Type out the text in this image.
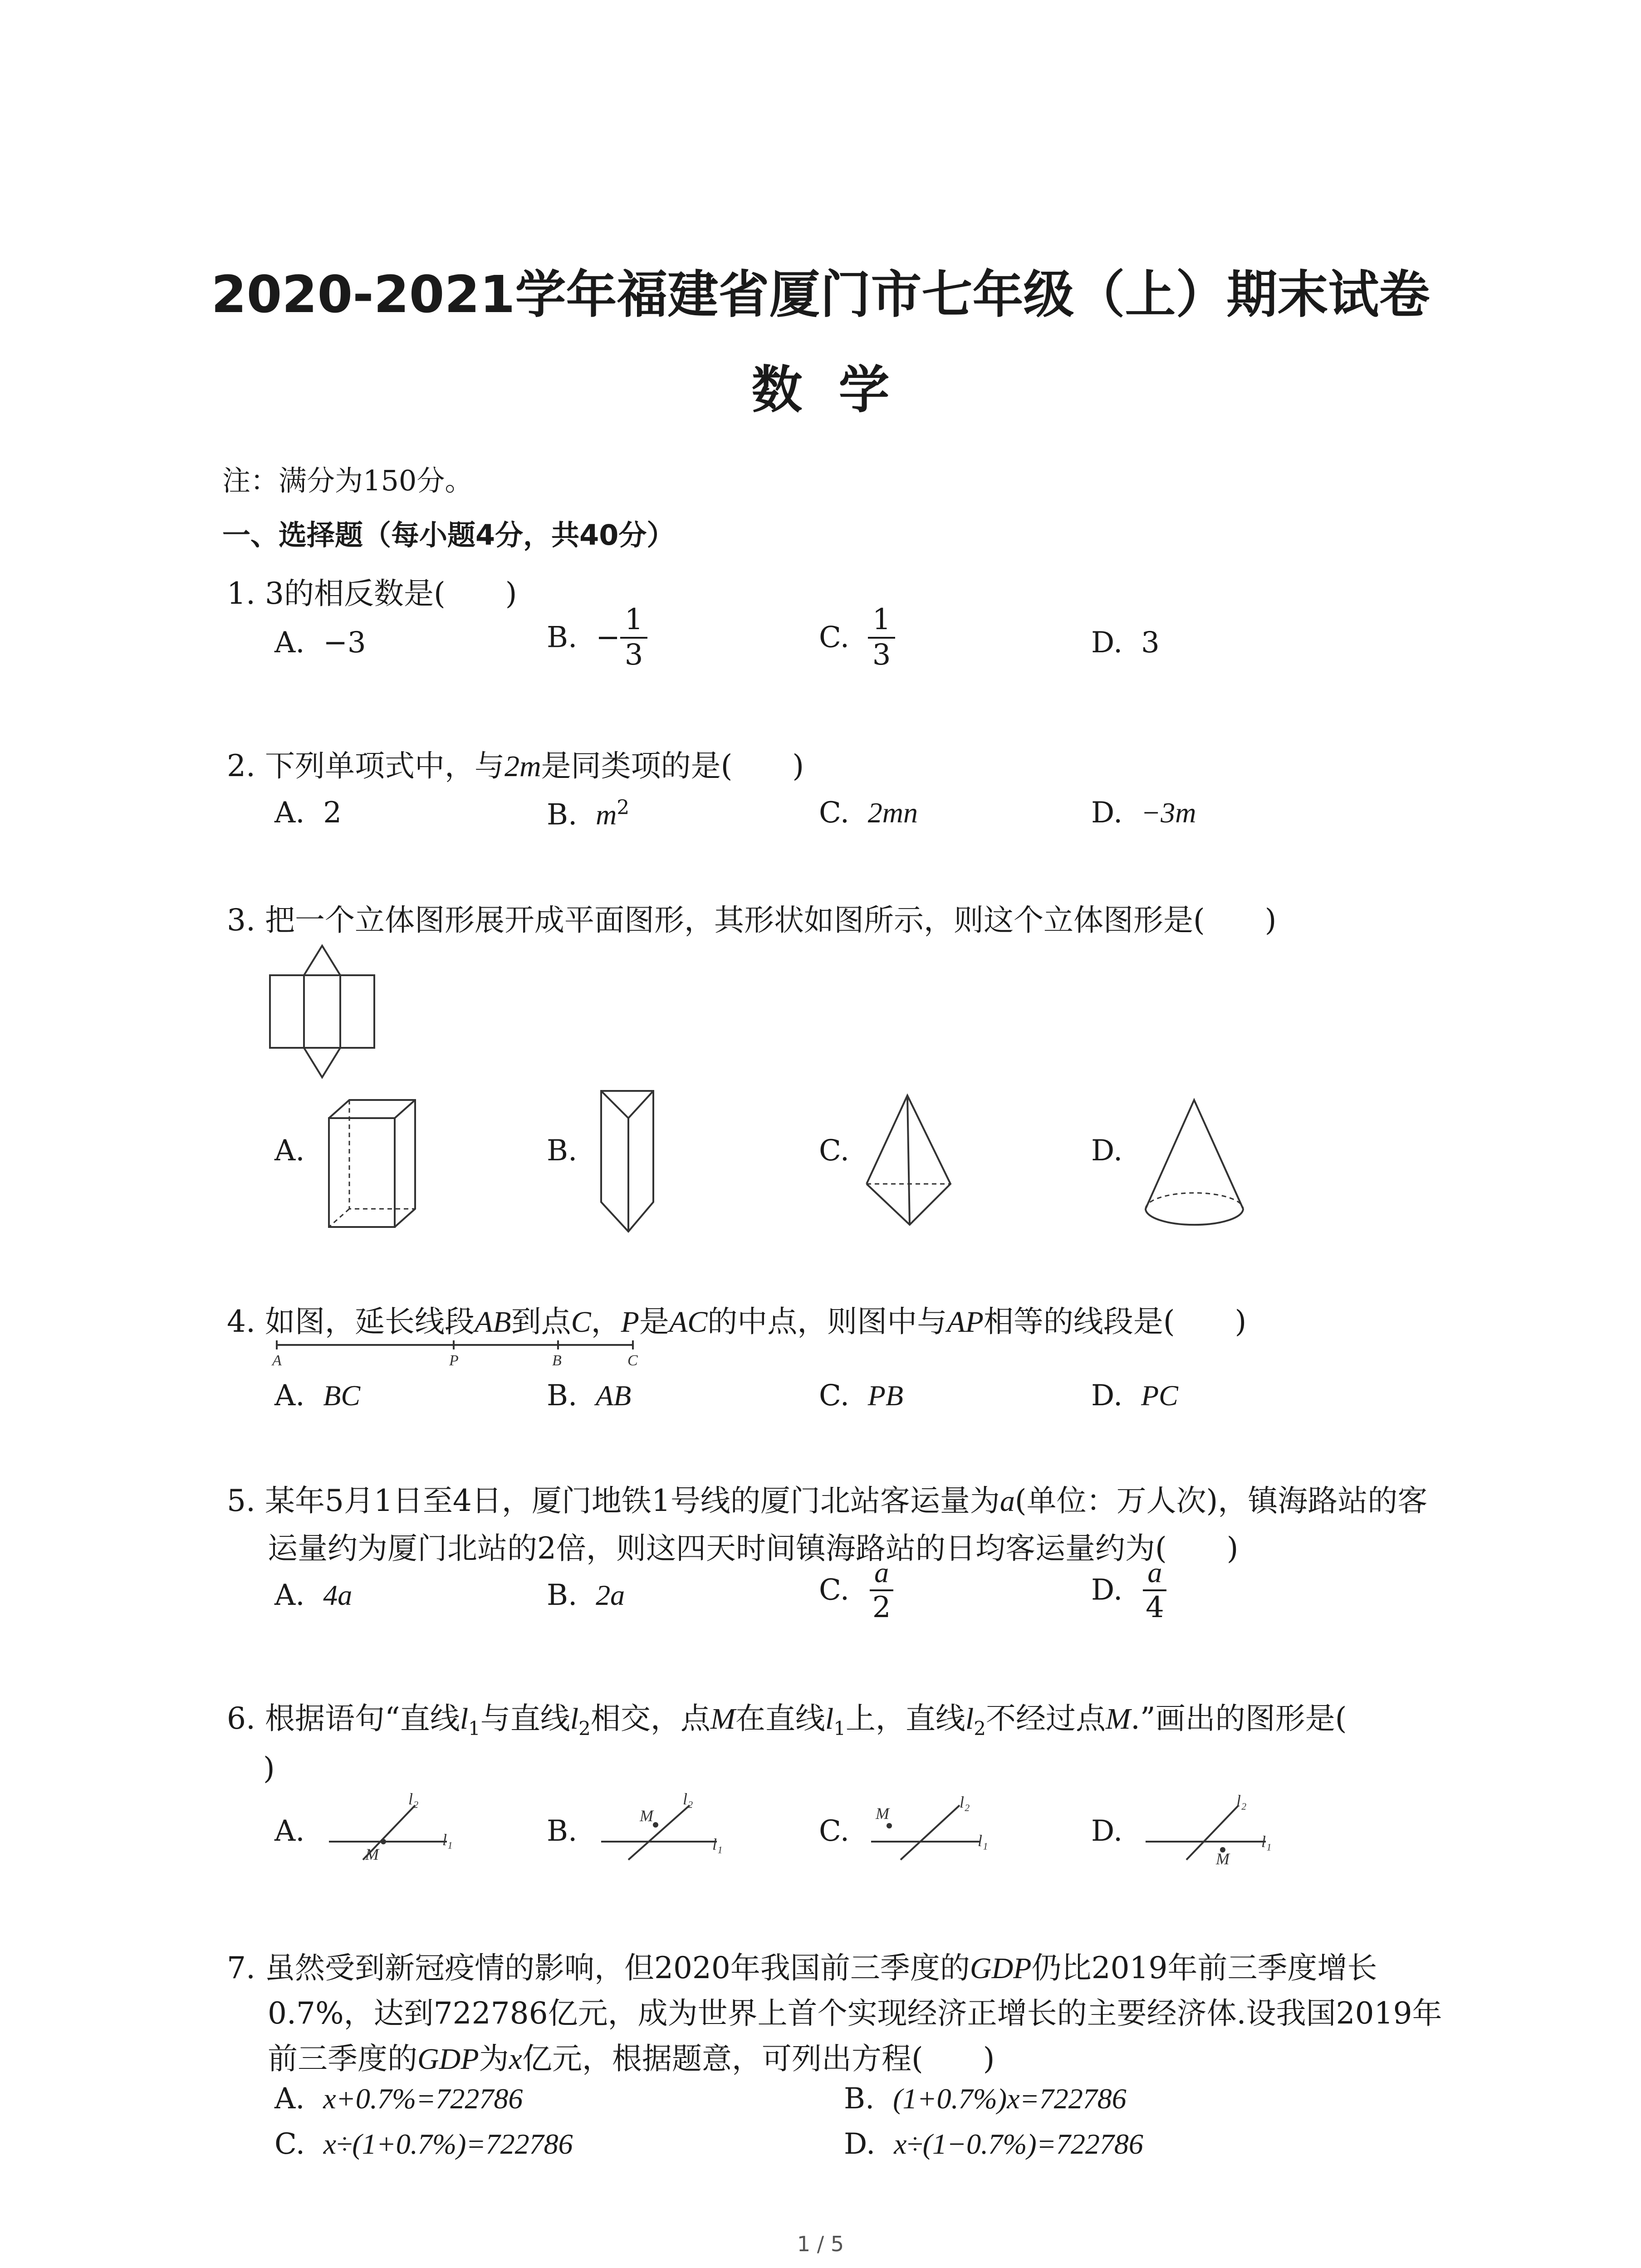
2020-2021学年福建省厦门市七年级（上）期末试卷
数学
注：满分为150分。
一、选择题（每小题4分，共40分）
1. 3的相反数是(　　)
A. −3	B. − $\frac{1}{3}$	C. $\frac{1}{3}$	D. 3
2. 下列单项式中，与2m是同类项的是(　　)
A. 2	B. $m^2$	C. 2mn	D. −3m
3. 把一个立体图形展开成平面图形，其形状如图所示，则这个立体图形是(　　)
A.	B.	C.	D.
4. 如图，延长线段AB到点C，P是AC的中点，则图中与AP相等的线段是(　　)
A	P	B	C
A. BC	B. AB	C. PB	D. PC
5. 某年5月1日至4日，厦门地铁1号线的厦门北站客运量为a(单位：万人次)，镇海路站的客
运量约为厦门北站的2倍，则这四天时间镇海路站的日均客运量约为(　　)
A. 4a	B. 2a	C. $\frac{a}{2}$	D. $\frac{a}{4}$
6. 根据语句“直线$l_1$与直线$l_2$相交，点M在直线$l_1$上，直线$l_2$不经过点M.”画出的图形是(
)
A.
l₂
l₁
M
B.
l₂
l₁
M	C.
l₂
l₁
M
D.
l₂
l₁
M
7. 虽然受到新冠疫情的影响，但2020年我国前三季度的GDP仍比2019年前三季度增长
0.7%，达到722786亿元，成为世界上首个实现经济正增长的主要经济体.设我国2019年
前三季度的GDP为x亿元，根据题意，可列出方程(　　)
A. x+0.7%=722786	B. (1+0.7%)x=722786
C. x÷(1+0.7%)=722786	D. x÷(1−0.7%)=722786
1 / 5
